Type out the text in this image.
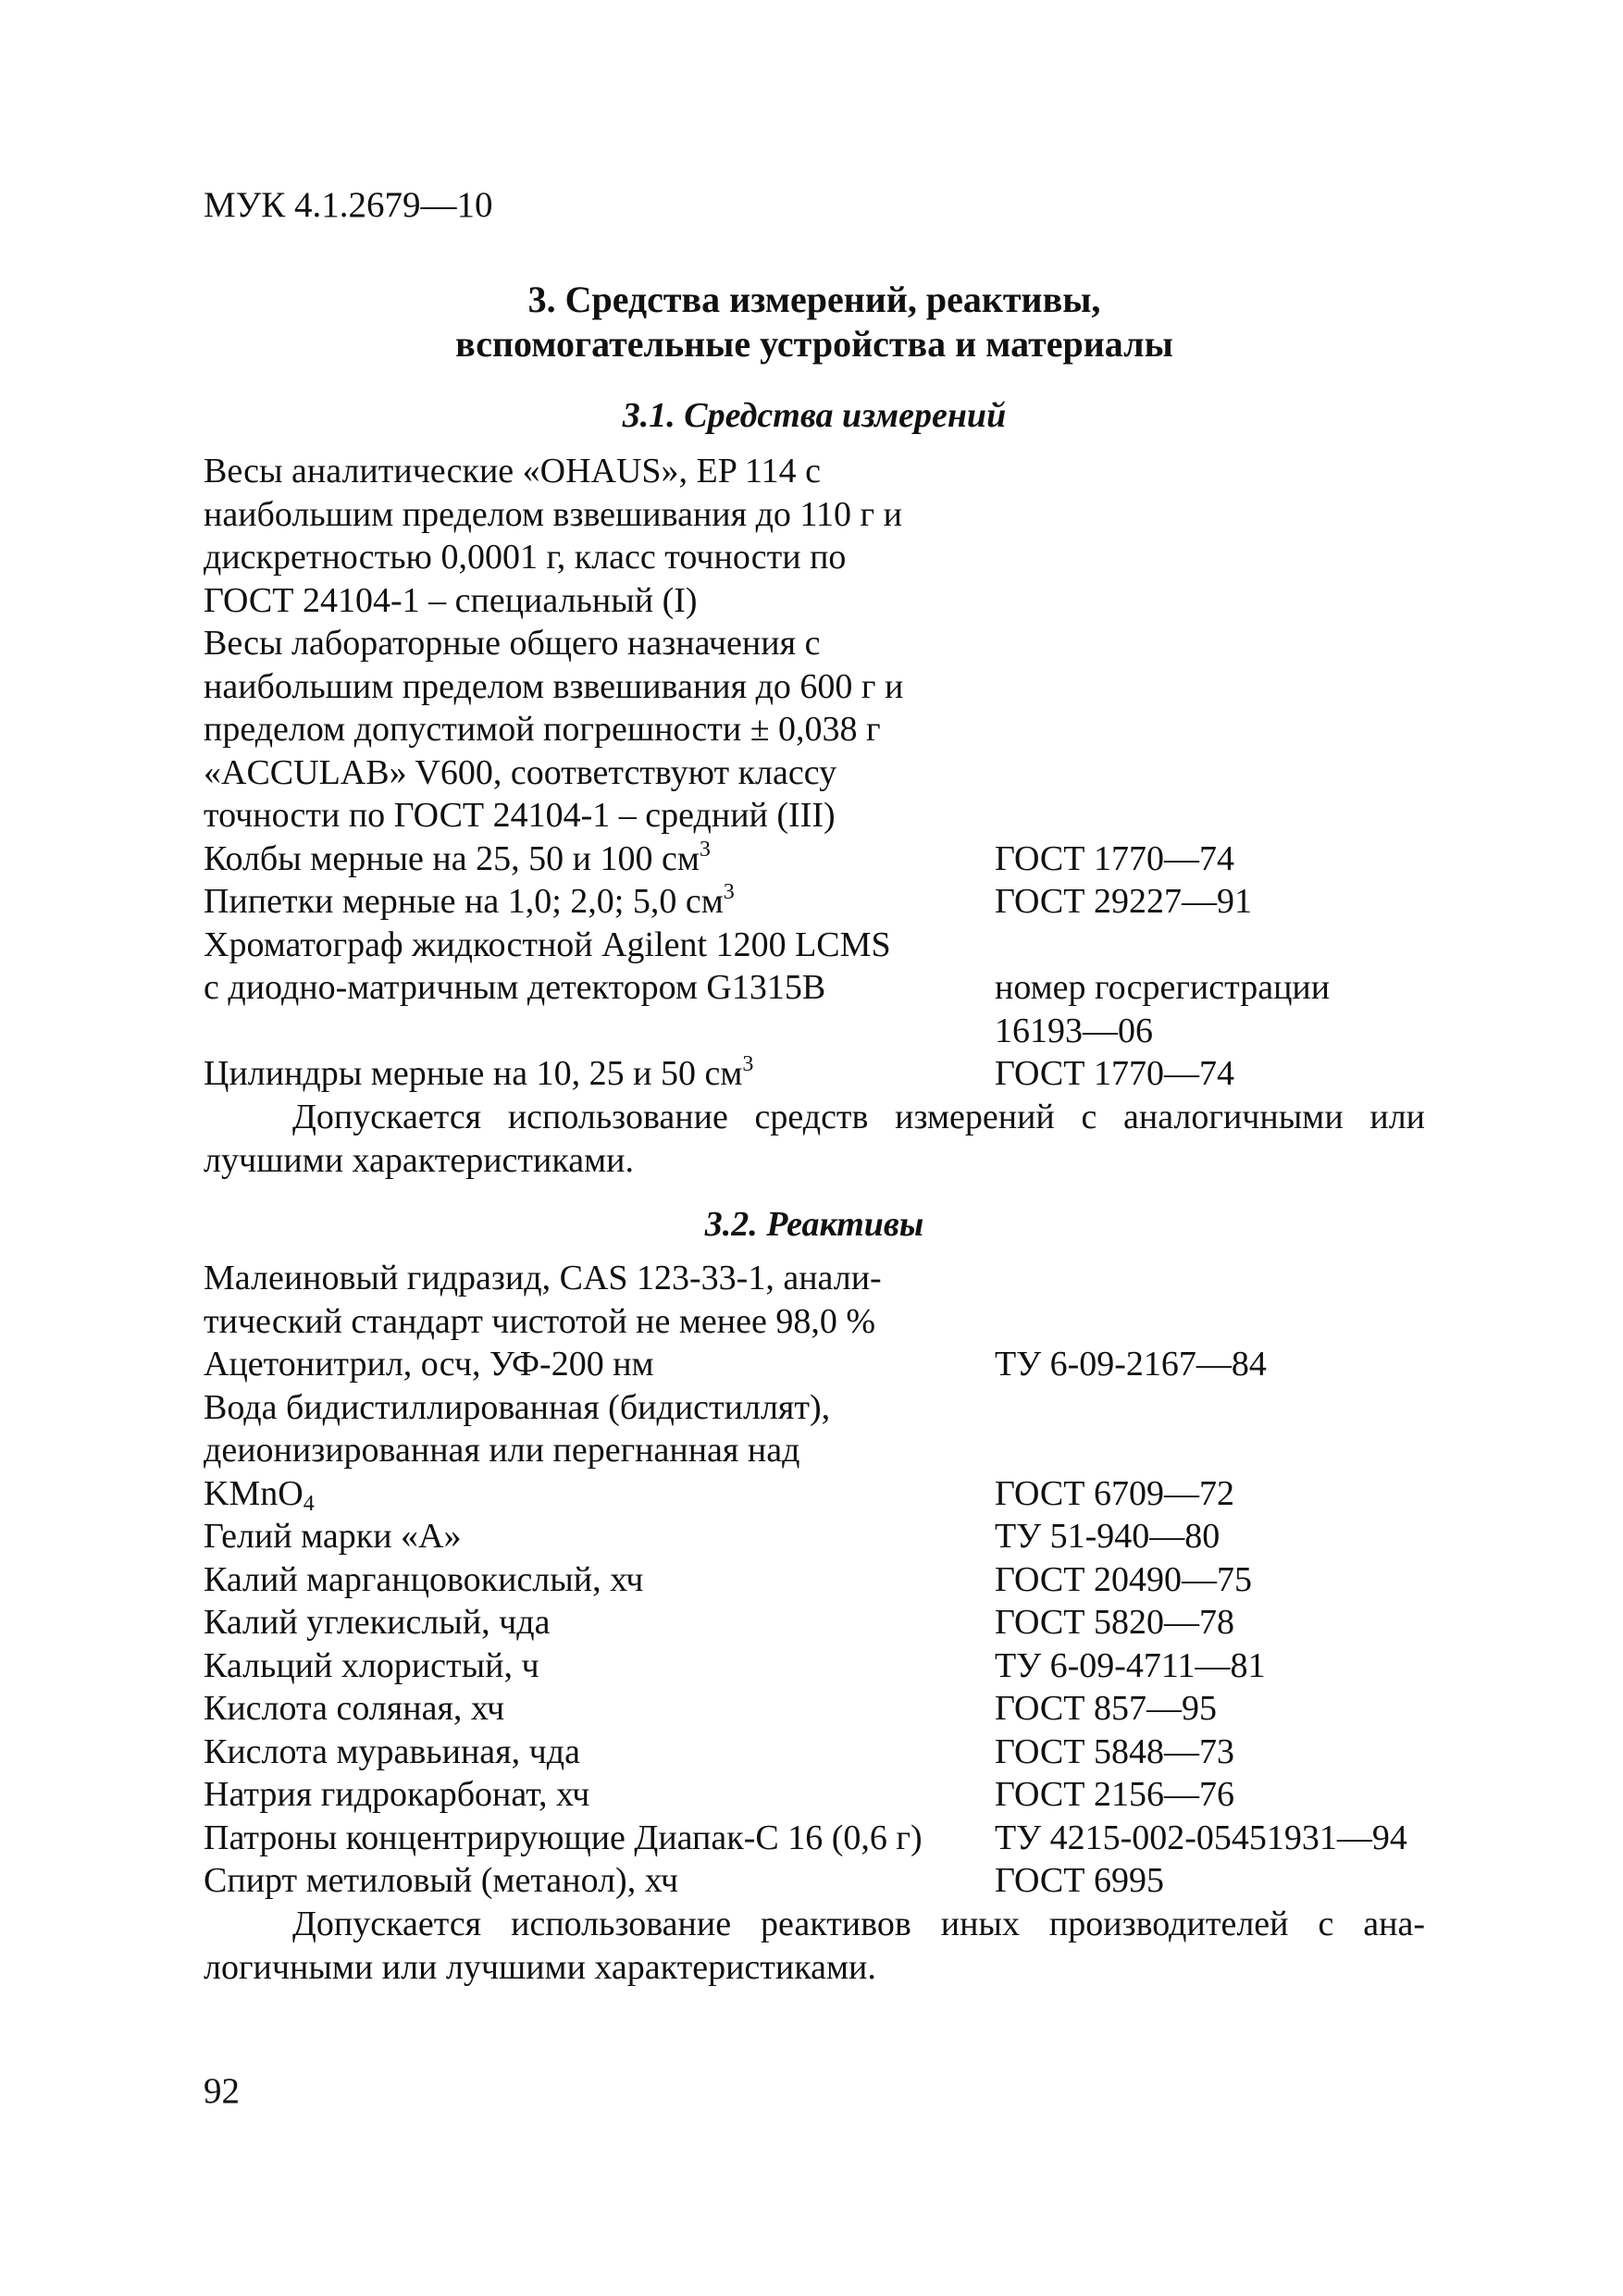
МУК 4.1.2679—10
3. Средства измерений, реактивы,
вспомогательные устройства и материалы
3.1. Средства измерений
Весы аналитические «OHAUS», EP 114 с
наибольшим пределом взвешивания до 110 г и
дискретностью 0,0001 г, класс точности по
ГОСТ 24104-1 – специальный (I)
Весы лабораторные общего назначения с
наибольшим пределом взвешивания до 600 г и
пределом допустимой погрешности ± 0,038 г
«ACCULAB» V600, соответствуют классу
точности по ГОСТ 24104-1 – средний (III)
Колбы мерные на 25, 50 и 100 $см^3$	ГОСТ 1770—74
Пипетки мерные на 1,0; 2,0; 5,0 $см^3$	ГОСТ 29227—91
Хроматограф жидкостной Agilent 1200 LCMS
с диодно-матричным детектором G1315B	номер госрегистрации
16193—06
Цилиндры мерные на 10, 25 и 50 $см^3$	ГОСТ 1770—74
Допускается использование средств измерений с аналогичными или
лучшими характеристиками.
3.2. Реактивы
Малеиновый гидразид, CAS 123-33-1, анали-
тический стандарт чистотой не менее 98,0 %
Ацетонитрил, осч, УФ-200 нм	ТУ 6-09-2167—84
Вода бидистиллированная (бидистиллят),
деионизированная или перегнанная над
KMnO$_4$	ГОСТ 6709—72
Гелий марки «А»	ТУ 51-940—80
Калий марганцовокислый, хч	ГОСТ 20490—75
Калий углекислый, чда	ГОСТ 5820—78
Кальций хлористый, ч	ТУ 6-09-4711—81
Кислота соляная, хч	ГОСТ 857—95
Кислота муравьиная, чда	ГОСТ 5848—73
Натрия гидрокарбонат, хч	ГОСТ 2156—76
Патроны концентрирующие Диапак-С 16 (0,6 г)	ТУ 4215-002-05451931—94
Спирт метиловый (метанол), хч	ГОСТ 6995
Допускается использование реактивов иных производителей с ана-
логичными или лучшими характеристиками.
92
